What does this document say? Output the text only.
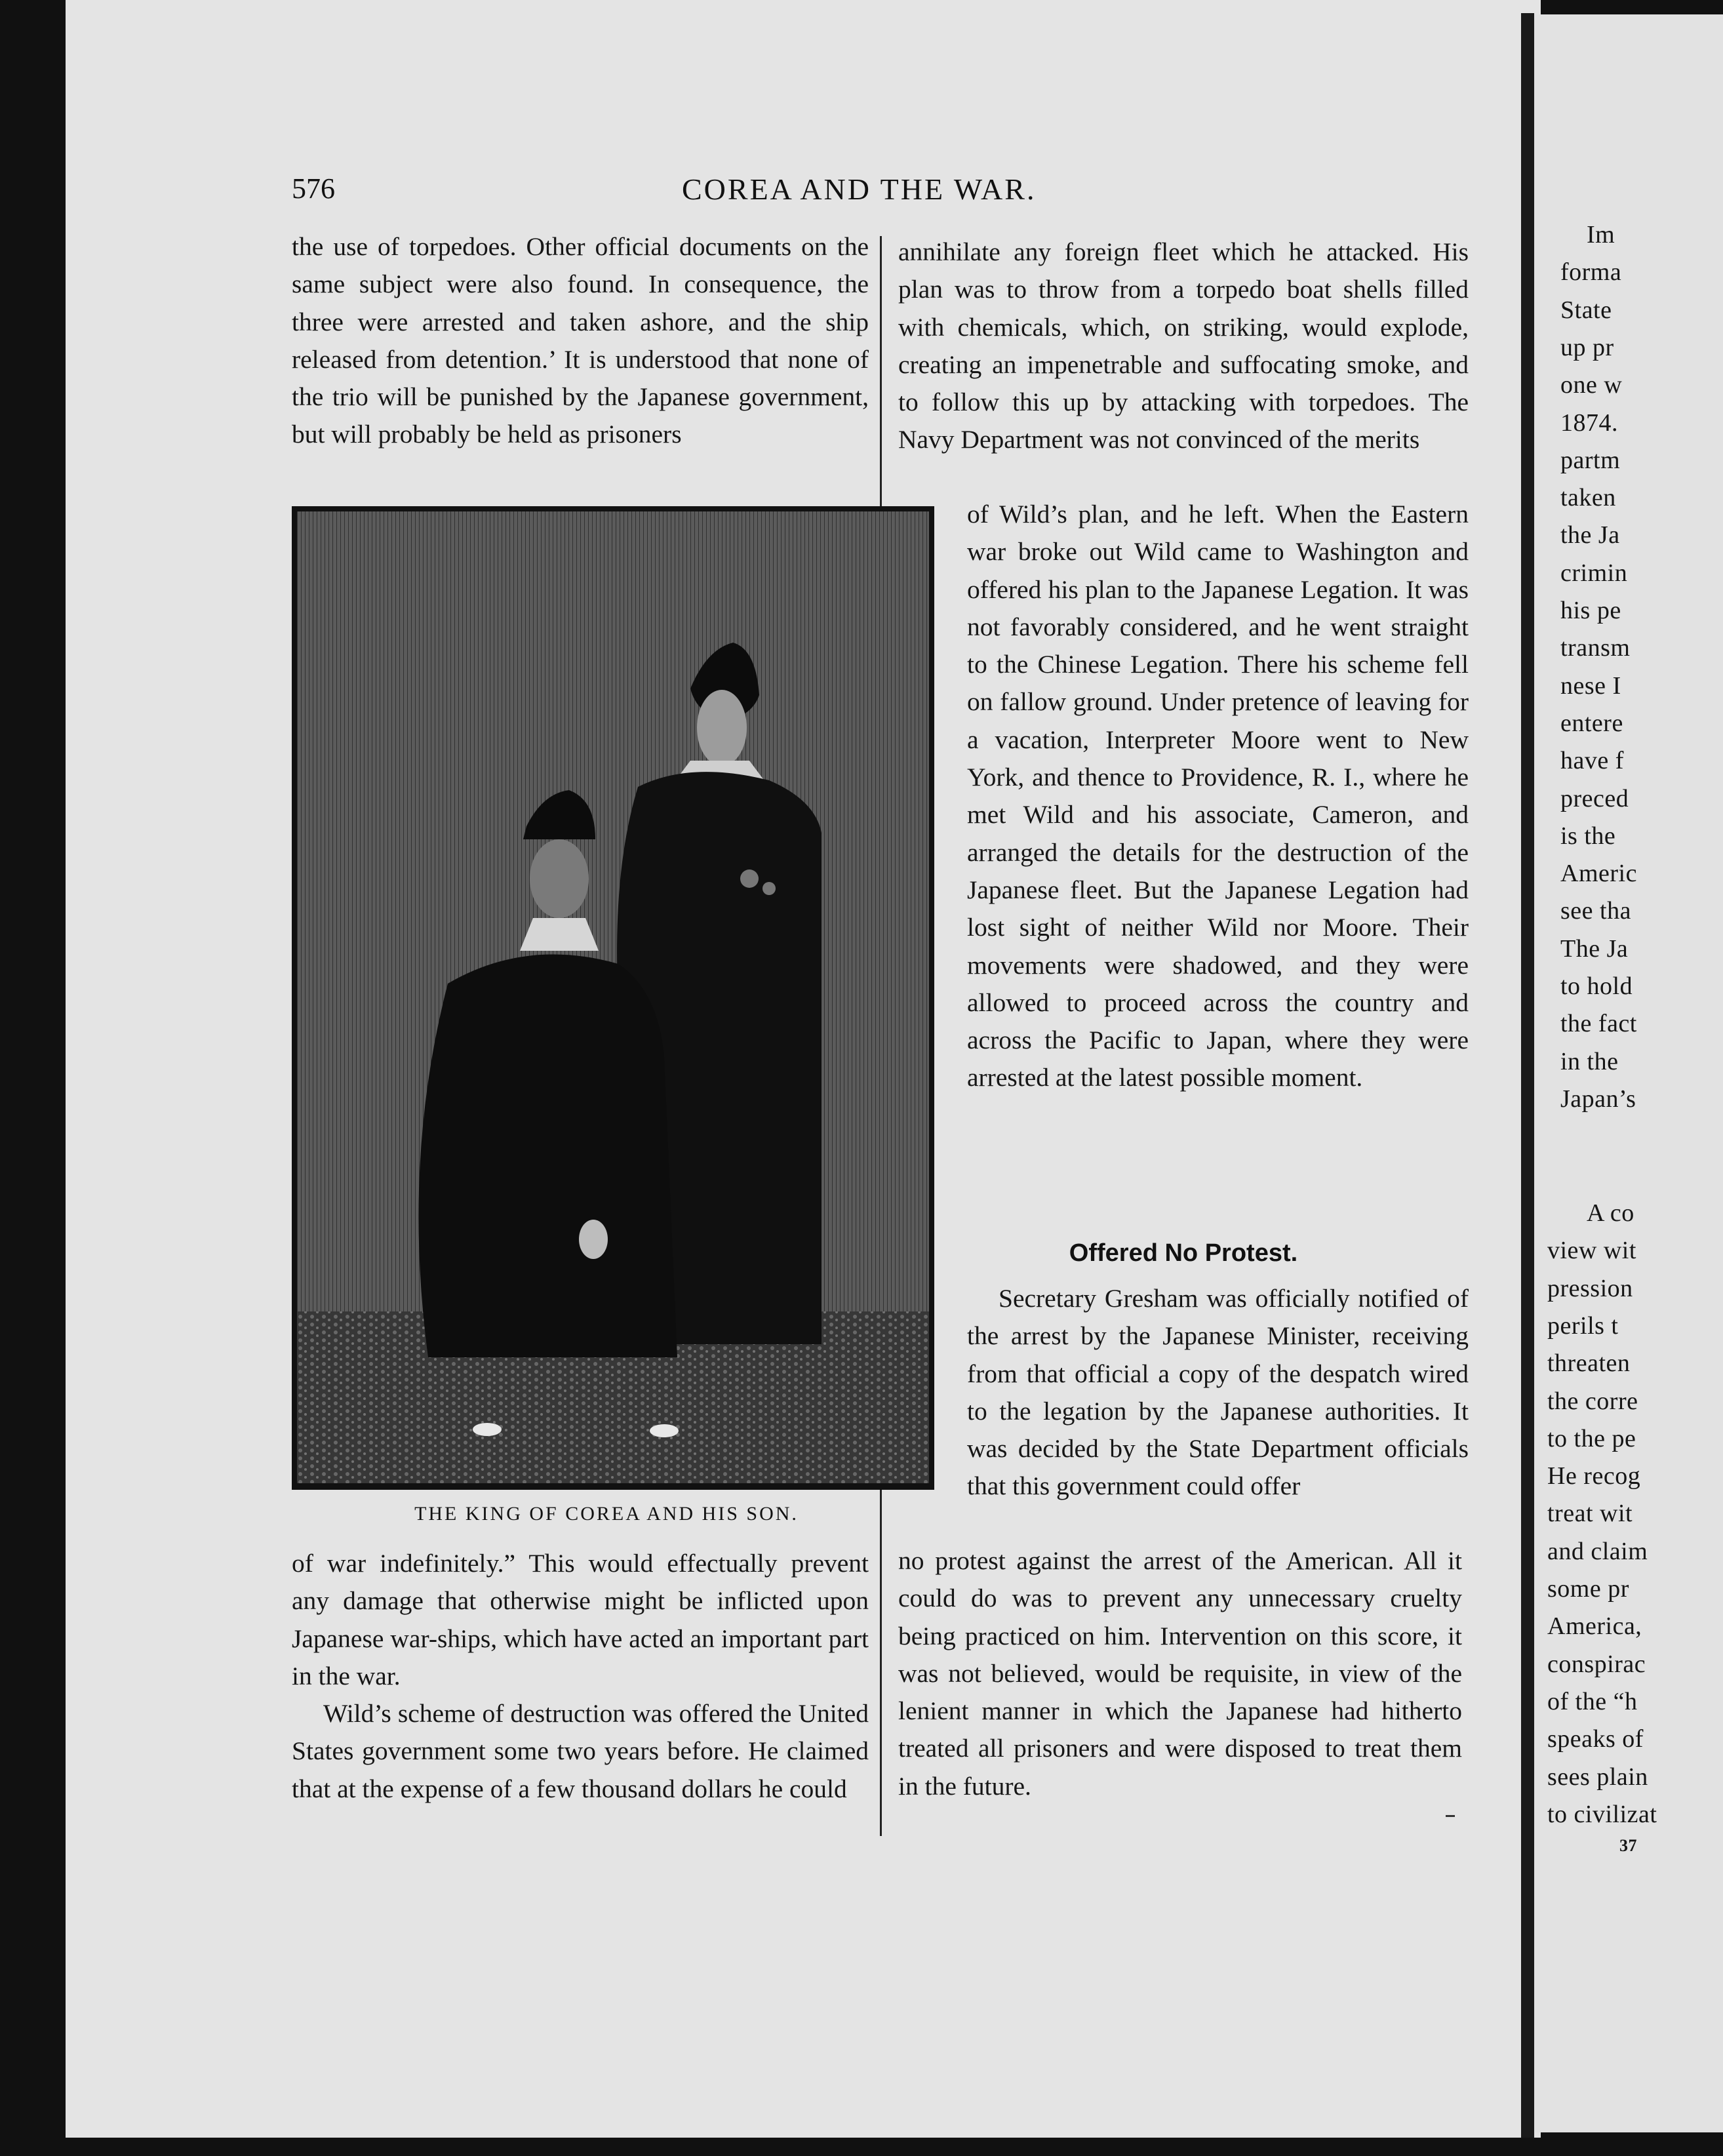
576	COREA AND THE WAR.

the use of torpedoes. Other official documents on the same subject were also found. In consequence, the three were arrested and taken ashore, and the ship released from detention.’ It is understood that none of the trio will be punished by the Japanese government, but will probably be held as prisoners

THE KING OF COREA AND HIS SON.

of war indefinitely.” This would effectually prevent any damage that otherwise might be inflicted upon Japanese war-ships, which have acted an important part in the war.

Wild’s scheme of destruction was offered the United States government some two years before. He claimed that at the expense of a few thousand dollars he could

annihilate any foreign fleet which he attacked. His plan was to throw from a torpedo boat shells filled with chemicals, which, on striking, would explode, creating an impenetrable and suffocating smoke, and to follow this up by attacking with torpedoes. The Navy Department was not convinced of the merits

of Wild’s plan, and he left. When the Eastern war broke out Wild came to Washington and offered his plan to the Japanese Legation. It was not favorably considered, and he went straight to the Chinese Legation. There his scheme fell on fallow ground. Under pretence of leaving for a vacation, Interpreter Moore went to New York, and thence to Providence, R. I., where he met Wild and his associate, Cameron, and arranged the details for the destruction of the Japanese fleet. But the Japanese Legation had lost sight of neither Wild nor Moore. Their movements were shadowed, and they were allowed to proceed across the country and across the Pacific to Japan, where they were arrested at the latest possible moment.

Offered No Protest.

Secretary Gresham was officially notified of the arrest by the Japanese Minister, receiving from that official a copy of the despatch wired to the legation by the Japanese authorities. It was decided by the State Department officials that this government could offer

no protest against the arrest of the American. All it could do was to prevent any unnecessary cruelty being practiced on him. Intervention on this score, it was not believed, would be requisite, in view of the lenient manner in which the Japanese had hitherto treated all prisoners and were disposed to treat them in the future.

Im
forma
State
up pr
one w
1874.
partm
taken
the Ja
crimin
his pe
transm
nese I
entere
have f
preced
is the
Americ
see tha
The Ja
to hold
the fact
in the
Japan’s
A co
view wit
pression
perils t
threaten
the corre
to the pe
He recog
treat wit
and claim
some pr
America,
conspirac
of the “h
speaks of
sees plain
to civilizat
37
